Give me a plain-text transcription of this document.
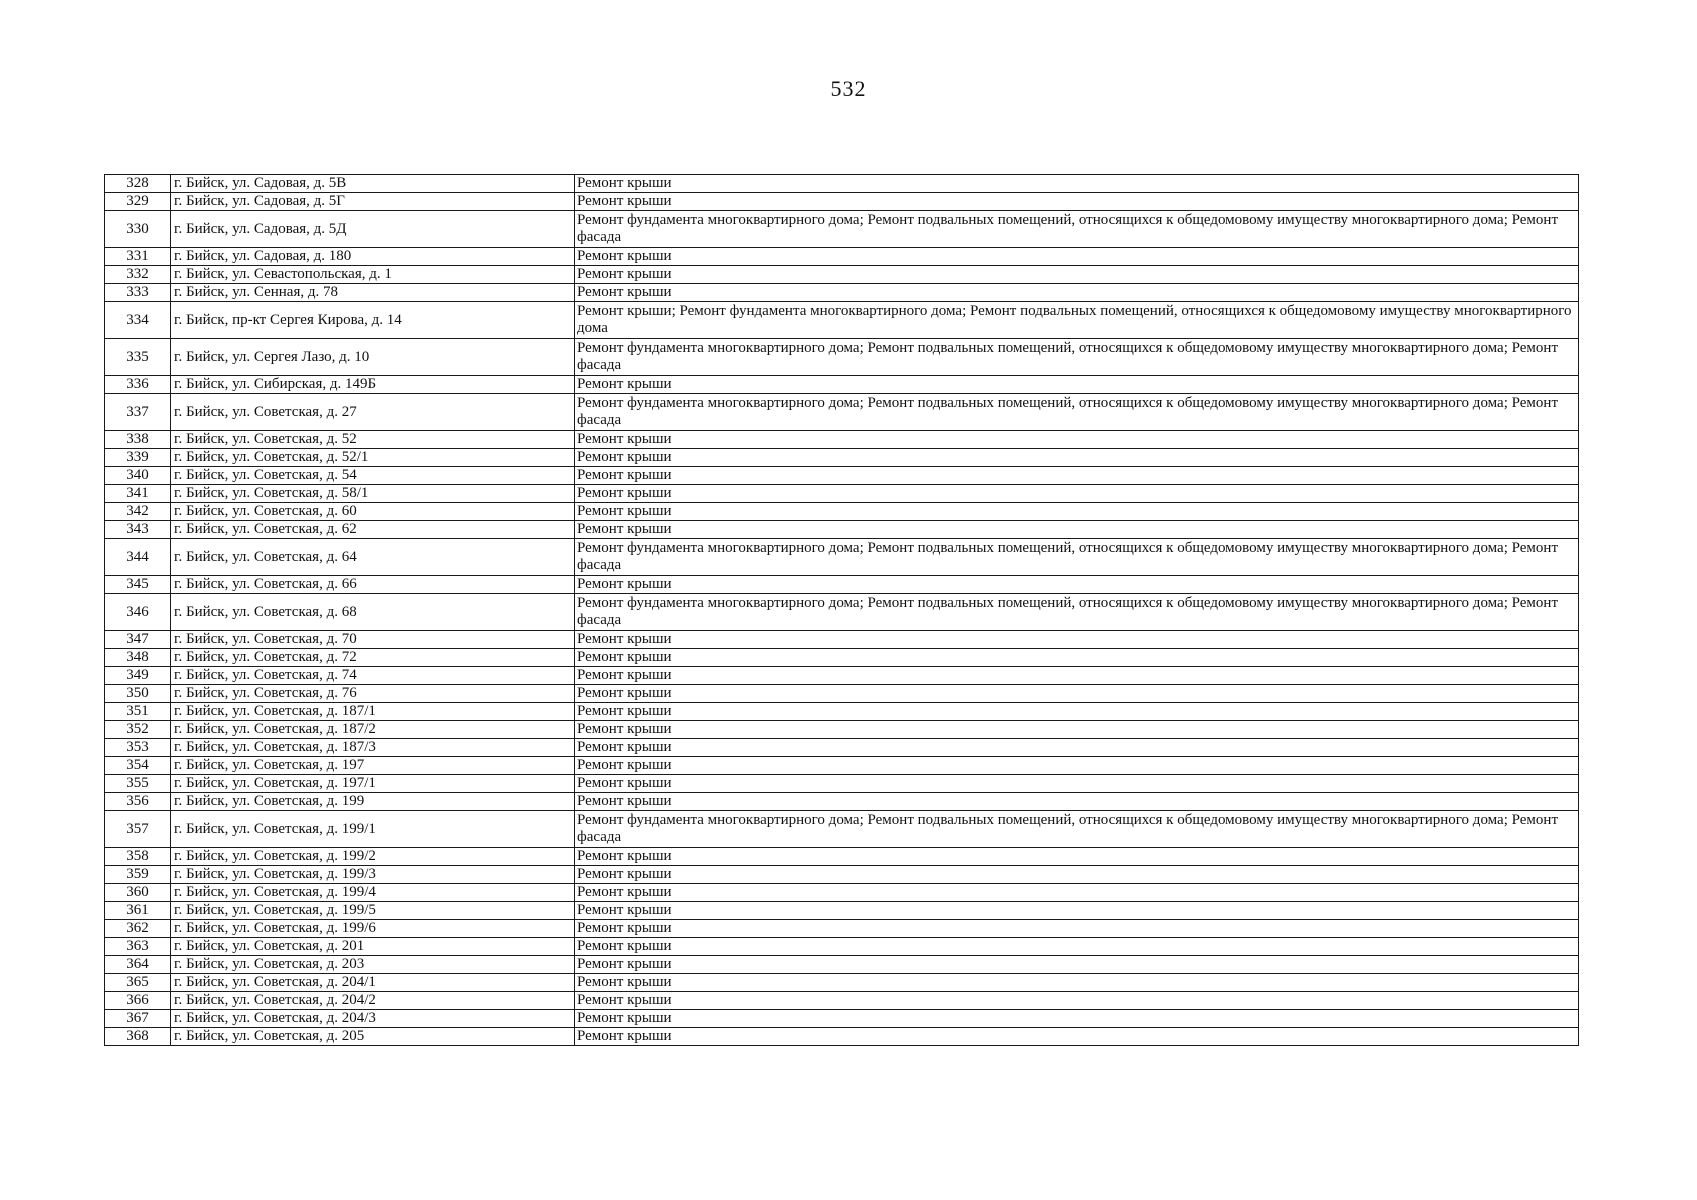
532
328	г. Бийск, ул. Садовая, д. 5В	Ремонт крыши
329	г. Бийск, ул. Садовая, д. 5Г	Ремонт крыши
330	г. Бийск, ул. Садовая, д. 5Д	Ремонт фундамента многоквартирного дома; Ремонт подвальных помещений, относящихся к общедомовому имуществу многоквартирного дома; Ремонт фасада
331	г. Бийск, ул. Садовая, д. 180	Ремонт крыши
332	г. Бийск, ул. Севастопольская, д. 1	Ремонт крыши
333	г. Бийск, ул. Сенная, д. 78	Ремонт крыши
334	г. Бийск, пр-кт Сергея Кирова, д. 14	Ремонт крыши; Ремонт фундамента многоквартирного дома; Ремонт подвальных помещений, относящихся к общедомовому имуществу многоквартирного дома
335	г. Бийск, ул. Сергея Лазо, д. 10	Ремонт фундамента многоквартирного дома; Ремонт подвальных помещений, относящихся к общедомовому имуществу многоквартирного дома; Ремонт фасада
336	г. Бийск, ул. Сибирская, д. 149Б	Ремонт крыши
337	г. Бийск, ул. Советская, д. 27	Ремонт фундамента многоквартирного дома; Ремонт подвальных помещений, относящихся к общедомовому имуществу многоквартирного дома; Ремонт фасада
338	г. Бийск, ул. Советская, д. 52	Ремонт крыши
339	г. Бийск, ул. Советская, д. 52/1	Ремонт крыши
340	г. Бийск, ул. Советская, д. 54	Ремонт крыши
341	г. Бийск, ул. Советская, д. 58/1	Ремонт крыши
342	г. Бийск, ул. Советская, д. 60	Ремонт крыши
343	г. Бийск, ул. Советская, д. 62	Ремонт крыши
344	г. Бийск, ул. Советская, д. 64	Ремонт фундамента многоквартирного дома; Ремонт подвальных помещений, относящихся к общедомовому имуществу многоквартирного дома; Ремонт фасада
345	г. Бийск, ул. Советская, д. 66	Ремонт крыши
346	г. Бийск, ул. Советская, д. 68	Ремонт фундамента многоквартирного дома; Ремонт подвальных помещений, относящихся к общедомовому имуществу многоквартирного дома; Ремонт фасада
347	г. Бийск, ул. Советская, д. 70	Ремонт крыши
348	г. Бийск, ул. Советская, д. 72	Ремонт крыши
349	г. Бийск, ул. Советская, д. 74	Ремонт крыши
350	г. Бийск, ул. Советская, д. 76	Ремонт крыши
351	г. Бийск, ул. Советская, д. 187/1	Ремонт крыши
352	г. Бийск, ул. Советская, д. 187/2	Ремонт крыши
353	г. Бийск, ул. Советская, д. 187/3	Ремонт крыши
354	г. Бийск, ул. Советская, д. 197	Ремонт крыши
355	г. Бийск, ул. Советская, д. 197/1	Ремонт крыши
356	г. Бийск, ул. Советская, д. 199	Ремонт крыши
357	г. Бийск, ул. Советская, д. 199/1	Ремонт фундамента многоквартирного дома; Ремонт подвальных помещений, относящихся к общедомовому имуществу многоквартирного дома; Ремонт фасада
358	г. Бийск, ул. Советская, д. 199/2	Ремонт крыши
359	г. Бийск, ул. Советская, д. 199/3	Ремонт крыши
360	г. Бийск, ул. Советская, д. 199/4	Ремонт крыши
361	г. Бийск, ул. Советская, д. 199/5	Ремонт крыши
362	г. Бийск, ул. Советская, д. 199/6	Ремонт крыши
363	г. Бийск, ул. Советская, д. 201	Ремонт крыши
364	г. Бийск, ул. Советская, д. 203	Ремонт крыши
365	г. Бийск, ул. Советская, д. 204/1	Ремонт крыши
366	г. Бийск, ул. Советская, д. 204/2	Ремонт крыши
367	г. Бийск, ул. Советская, д. 204/3	Ремонт крыши
368	г. Бийск, ул. Советская, д. 205	Ремонт крыши
